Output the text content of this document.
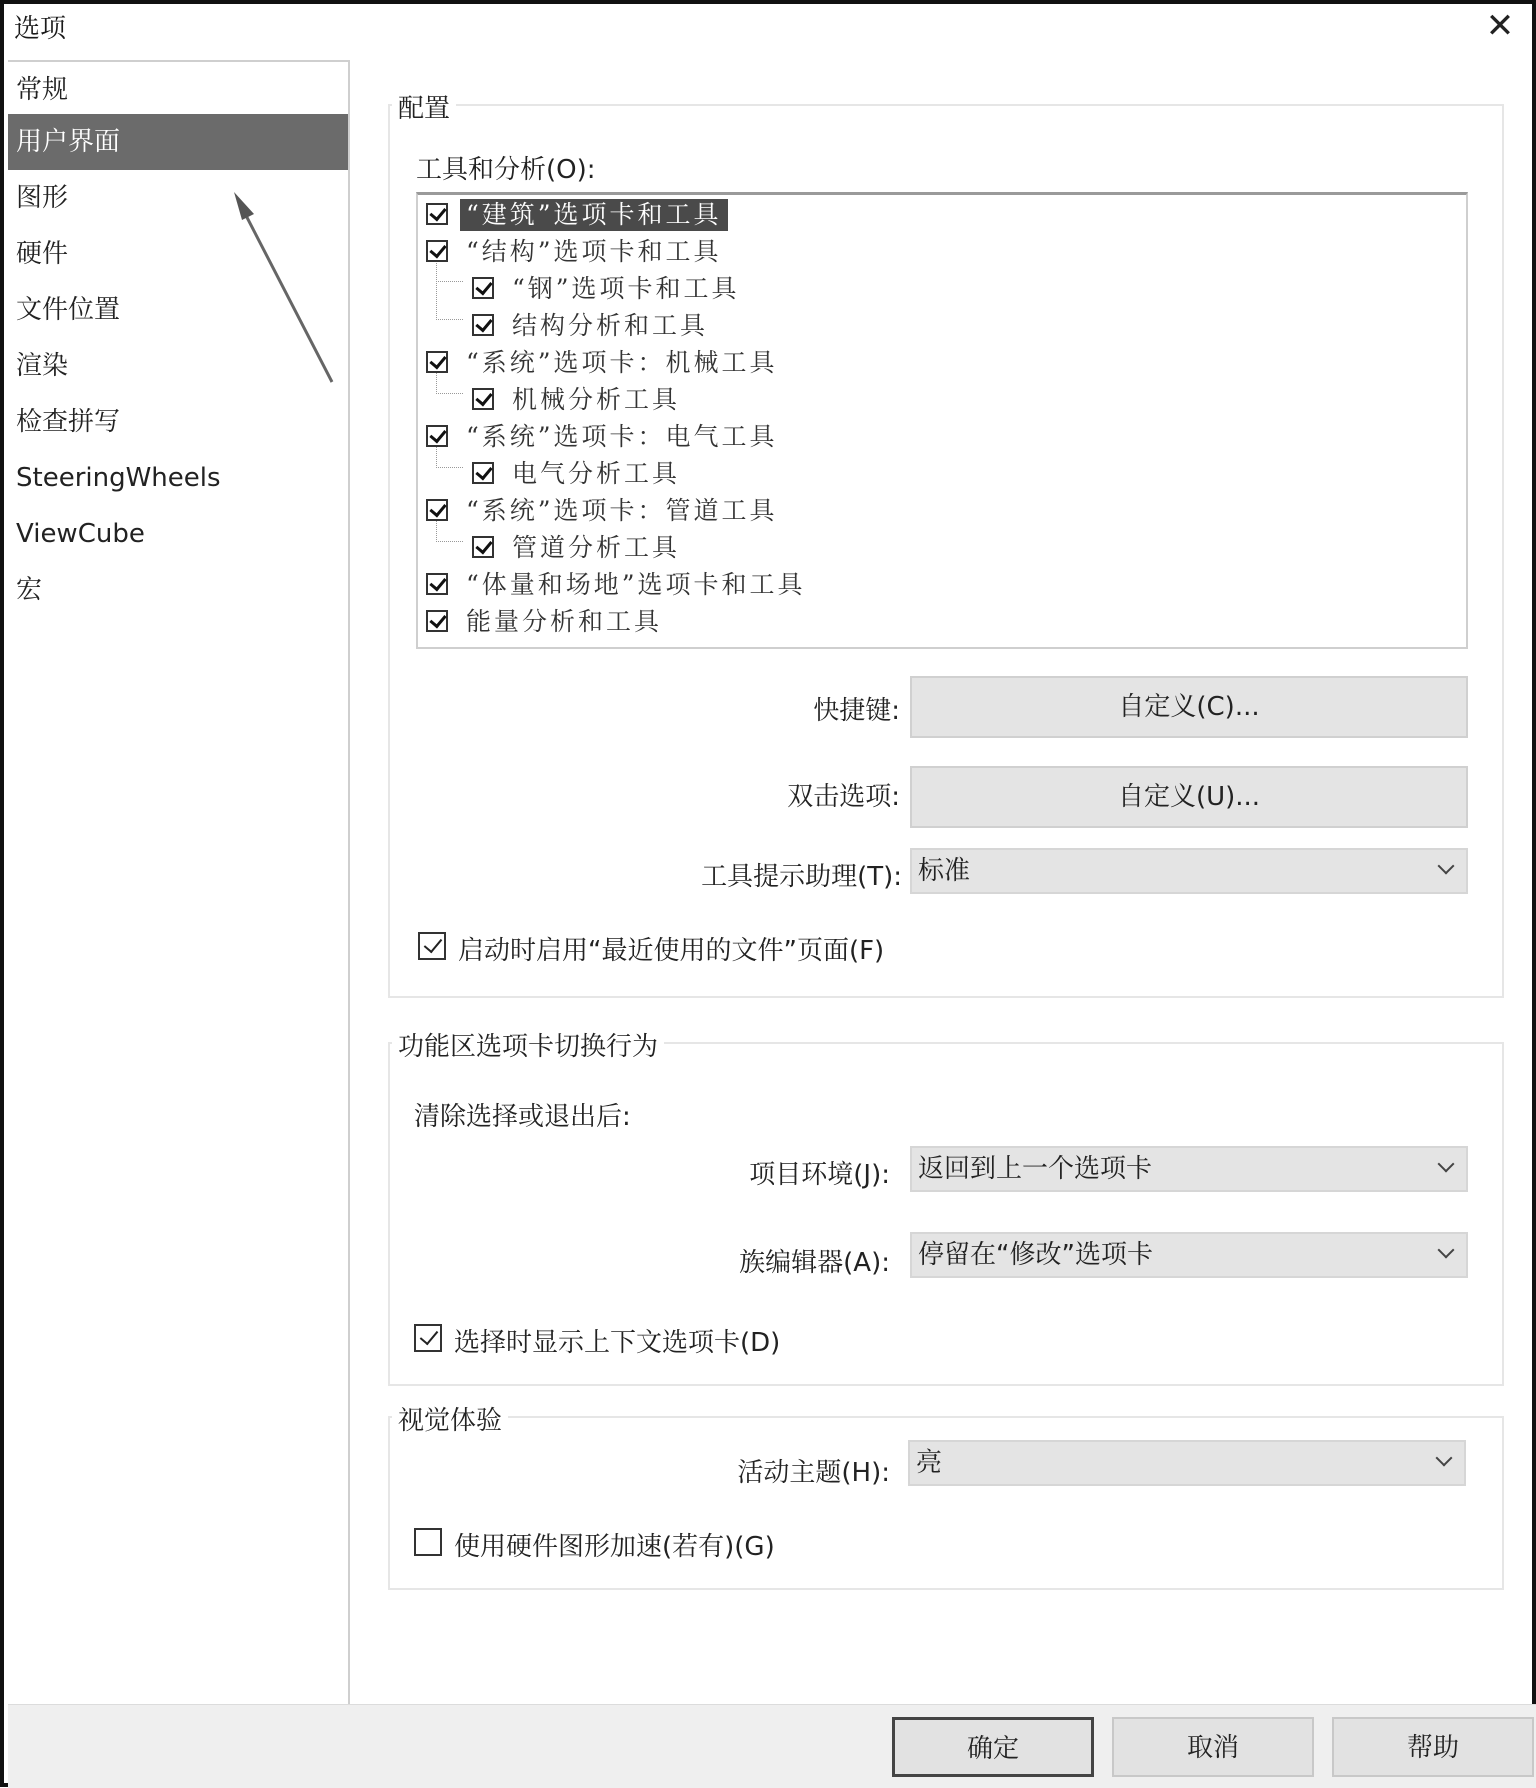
选项	✕
常规
用户界面
图形
硬件
文件位置
渲染
检查拼写
SteeringWheels
ViewCube
宏
配置
工具和分析(O):
“建筑”选项卡和工具
“结构”选项卡和工具
“钢”选项卡和工具
结构分析和工具
“系统”选项卡：机械工具
机械分析工具
“系统”选项卡：电气工具
电气分析工具
“系统”选项卡：管道工具
管道分析工具
“体量和场地”选项卡和工具
能量分析和工具
快捷键:	自定义(C)...
双击选项:	自定义(U)...
工具提示助理(T): 标准
启动时启用“最近使用的文件”页面(F)
功能区选项卡切换行为
清除选择或退出后:
项目环境(J): 返回到上一个选项卡
族编辑器(A): 停留在“修改”选项卡
选择时显示上下文选项卡(D)
视觉体验
活动主题(H): 亮
使用硬件图形加速(若有)(G)
确定	取消	帮助
